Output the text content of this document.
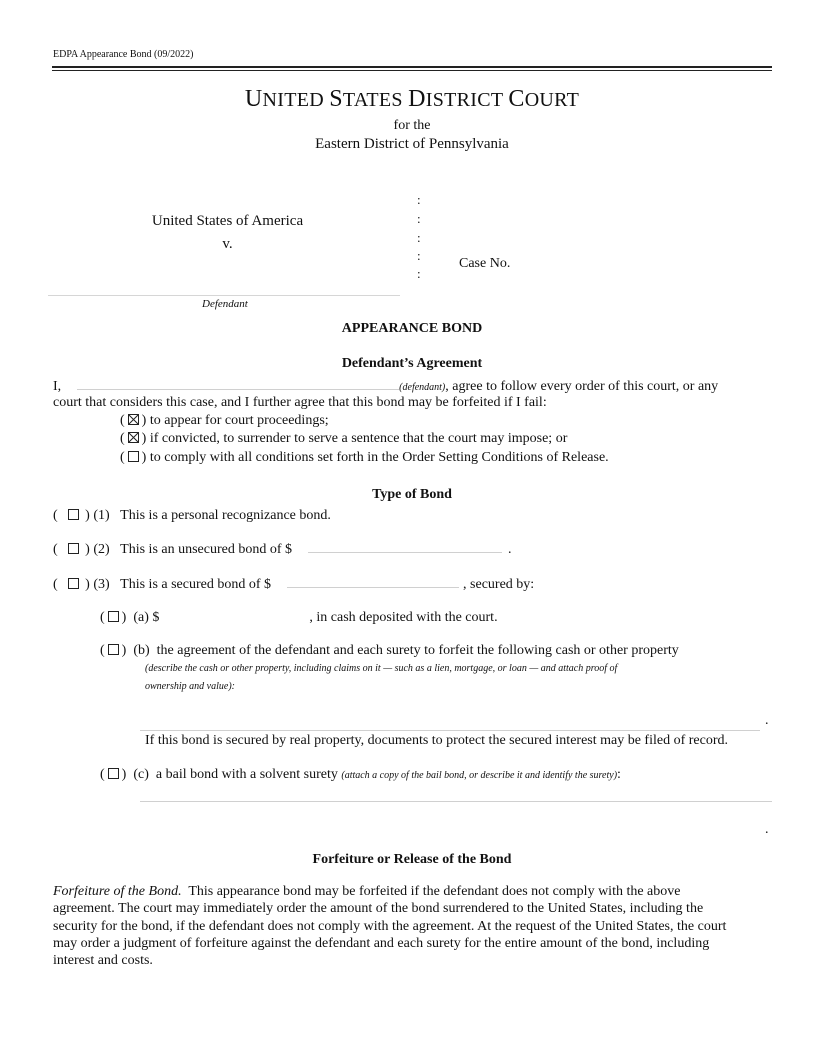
EDPA Appearance Bond (09/2022)
UNITED STATES DISTRICT COURT
for the
Eastern District of Pennsylvania
:
:
:
:
:
United States of America
v.
Case No.
Defendant
APPEARANCE BOND
Defendant’s Agreement
I,	(defendant), agree to follow every order of this court, or any
court that considers this case, and I further agree that this bond may be forfeited if I fail:
( ) to appear for court proceedings;
( ) if convicted, to surrender to serve a sentence that the court may impose; or
( ) to comply with all conditions set forth in the Order Setting Conditions of Release.
Type of Bond
(   ) (1) This is a personal recognizance bond.
(   ) (2) This is an unsecured bond of $	.
(   ) (3) This is a secured bond of $	, secured by:
( )  (a) $	, in cash deposited with the court.
( )  (b) the agreement of the defendant and each surety to forfeit the following cash or other property
(describe the cash or other property, including claims on it — such as a lien, mortgage, or loan — and attach proof of
ownership and value):
.
If this bond is secured by real property, documents to protect the secured interest may be filed of record.
( )  (c) a bail bond with a solvent surety (attach a copy of the bail bond, or describe it and identify the surety):
.
Forfeiture or Release of the Bond
Forfeiture of the Bond.  This appearance bond may be forfeited if the defendant does not comply with the above
agreement. The court may immediately order the amount of the bond surrendered to the United States, including the
security for the bond, if the defendant does not comply with the agreement. At the request of the United States, the court
may order a judgment of forfeiture against the defendant and each surety for the entire amount of the bond, including
interest and costs.
